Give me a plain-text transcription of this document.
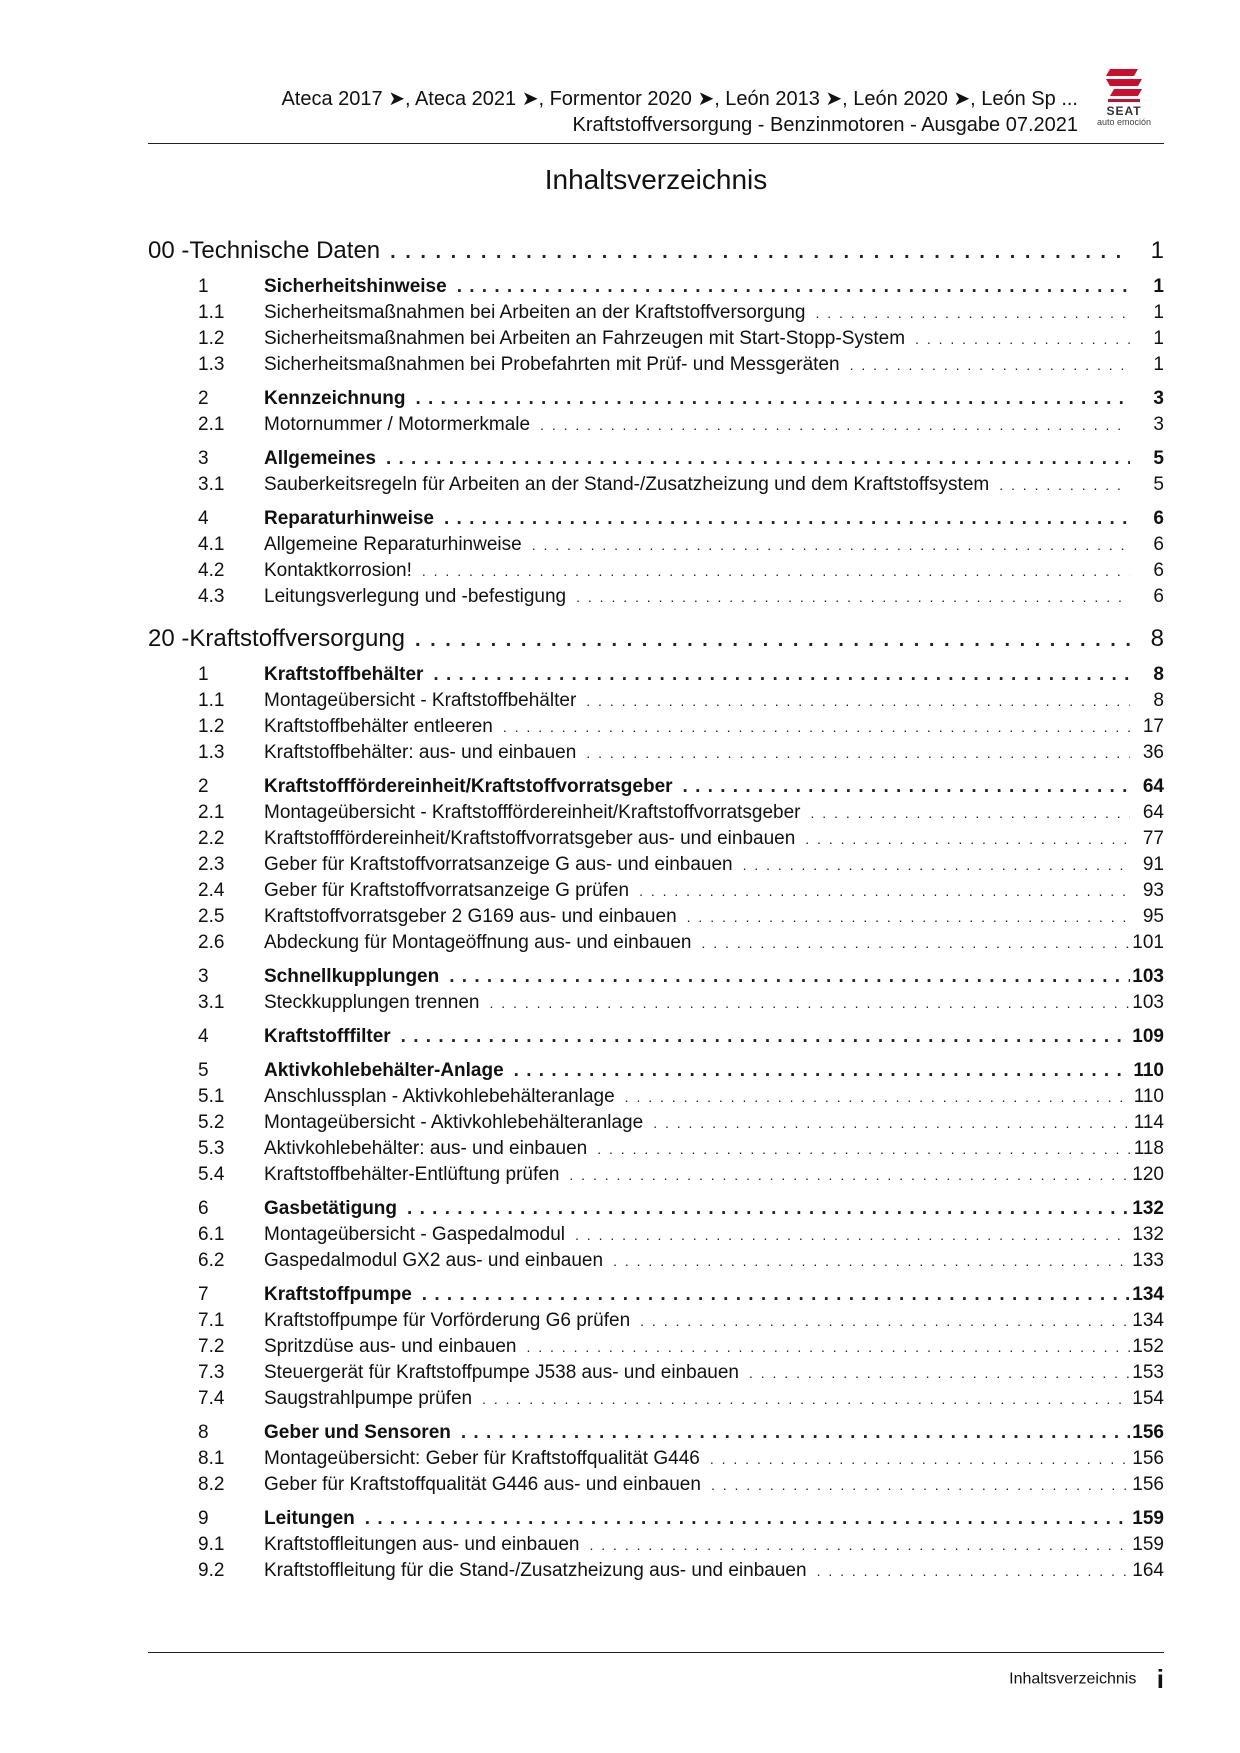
Ateca 2017 ➤, Ateca 2021 ➤, Formentor 2020 ➤, León 2013 ➤, León 2020 ➤, León Sp ...
Kraftstoffversorgung - Benzinmotoren - Ausgabe 07.2021
SEAT
auto emoción
Inhaltsverzeichnis
00 - Technische Daten . . .	1
1	Sicherheitshinweise . . .	1
1.1	Sicherheitsmaßnahmen bei Arbeiten an der Kraftstoffversorgung . . .	1
1.2	Sicherheitsmaßnahmen bei Arbeiten an Fahrzeugen mit Start-Stopp-System . . .	1
1.3	Sicherheitsmaßnahmen bei Probefahrten mit Prüf- und Messgeräten . . .	1
2	Kennzeichnung . . .	3
2.1	Motornummer / Motormerkmale . . .	3
3	Allgemeines . . .	5
3.1	Sauberkeitsregeln für Arbeiten an der Stand-/Zusatzheizung und dem Kraftstoffsystem . . .	5
4	Reparaturhinweise . . .	6
4.1	Allgemeine Reparaturhinweise . . .	6
4.2	Kontaktkorrosion! . . .	6
4.3	Leitungsverlegung und -befestigung . . .	6
20 - Kraftstoffversorgung . . .	8
1	Kraftstoffbehälter . . .	8
1.1	Montageübersicht - Kraftstoffbehälter . . .	8
1.2	Kraftstoffbehälter entleeren . . .	17
1.3	Kraftstoffbehälter: aus- und einbauen . . .	36
2	Kraftstofffördereinheit/Kraftstoffvorratsgeber . . .	64
2.1	Montageübersicht - Kraftstofffördereinheit/Kraftstoffvorratsgeber . . .	64
2.2	Kraftstofffördereinheit/Kraftstoffvorratsgeber aus- und einbauen . . .	77
2.3	Geber für Kraftstoffvorratsanzeige G aus- und einbauen . . .	91
2.4	Geber für Kraftstoffvorratsanzeige G prüfen . . .	93
2.5	Kraftstoffvorratsgeber 2 G169 aus- und einbauen . . .	95
2.6	Abdeckung für Montageöffnung aus- und einbauen . . .	101
3	Schnellkupplungen . . .	103
3.1	Steckkupplungen trennen . . .	103
4	Kraftstofffilter . . .	109
5	Aktivkohlebehälter-Anlage . . .	110
5.1	Anschlussplan - Aktivkohlebehälteranlage . . .	110
5.2	Montageübersicht - Aktivkohlebehälteranlage . . .	114
5.3	Aktivkohlebehälter: aus- und einbauen . . .	118
5.4	Kraftstoffbehälter-Entlüftung prüfen . . .	120
6	Gasbetätigung . . .	132
6.1	Montageübersicht - Gaspedalmodul . . .	132
6.2	Gaspedalmodul GX2 aus- und einbauen . . .	133
7	Kraftstoffpumpe . . .	134
7.1	Kraftstoffpumpe für Vorförderung G6 prüfen . . .	134
7.2	Spritzdüse aus- und einbauen . . .	152
7.3	Steuergerät für Kraftstoffpumpe J538 aus- und einbauen . . .	153
7.4	Saugstrahlpumpe prüfen . . .	154
8	Geber und Sensoren . . .	156
8.1	Montageübersicht: Geber für Kraftstoffqualität G446 . . .	156
8.2	Geber für Kraftstoffqualität G446 aus- und einbauen . . .	156
9	Leitungen . . .	159
9.1	Kraftstoffleitungen aus- und einbauen . . .	159
9.2	Kraftstoffleitung für die Stand-/Zusatzheizung aus- und einbauen . . .	164
Inhaltsverzeichnis i
